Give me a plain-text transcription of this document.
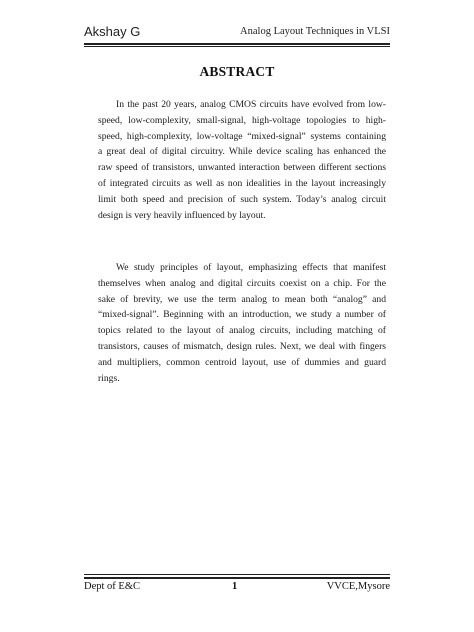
Akshay G	Analog Layout Techniques in VLSI
ABSTRACT
In the past 20 years, analog CMOS circuits have evolved from low-
speed, low-complexity, small-signal, high-voltage topologies to high-
speed, high-complexity, low-voltage “mixed-signal” systems containing
a great deal of digital circuitry. While device scaling has enhanced the
raw speed of transistors, unwanted interaction between different sections
of integrated circuits as well as non idealities in the layout increasingly
limit both speed and precision of such system. Today’s analog circuit
design is very heavily influenced by layout.
We study principles of layout, emphasizing effects that manifest
themselves when analog and digital circuits coexist on a chip. For the
sake of brevity, we use the term analog to mean both “analog” and
“mixed-signal”. Beginning with an introduction, we study a number of
topics related to the layout of analog circuits, including matching of
transistors, causes of mismatch, design rules. Next, we deal with fingers
and multipliers, common centroid layout, use of dummies and guard
rings.
Dept of E&C	1	VVCE,Mysore
